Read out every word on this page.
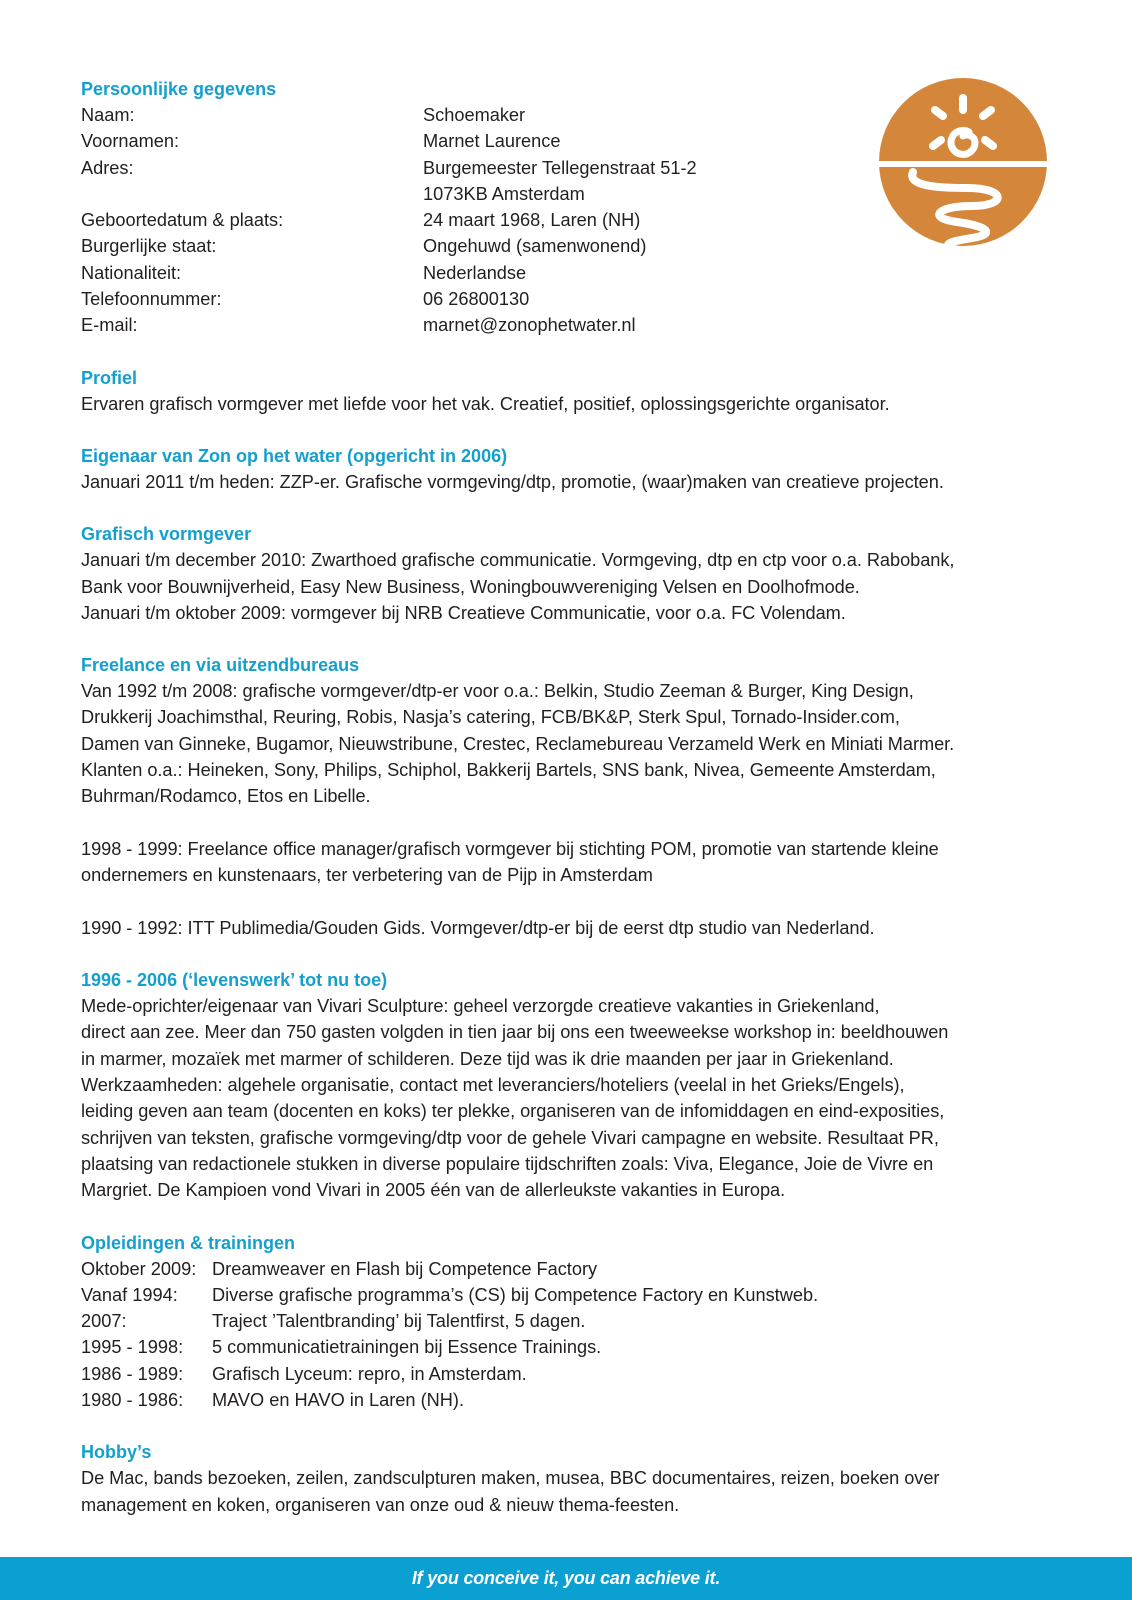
Persoonlijke gegevens
Naam:	Schoemaker
Voornamen:	Marnet Laurence
Adres:	Burgemeester Tellegenstraat 51-2
1073KB Amsterdam
Geboortedatum & plaats:	24 maart 1968, Laren (NH)
Burgerlijke staat:	Ongehuwd (samenwonend)
Nationaliteit:	Nederlandse
Telefoonnummer:	06 26800130
E-mail:	marnet@zonophetwater.nl
Profiel
Ervaren grafisch vormgever met liefde voor het vak. Creatief, positief, oplossingsgerichte organisator.
Eigenaar van Zon op het water (opgericht in 2006)
Januari 2011 t/m heden: ZZP-er. Grafische vormgeving/dtp, promotie, (waar)maken van creatieve projecten.
Grafisch vormgever
Januari t/m december 2010: Zwarthoed grafische communicatie. Vormgeving, dtp en ctp voor o.a. Rabobank,
Bank voor Bouwnijverheid, Easy New Business, Woningbouwvereniging Velsen en Doolhofmode.
Januari t/m oktober 2009: vormgever bij NRB Creatieve Communicatie, voor o.a. FC Volendam.
Freelance en via uitzendbureaus
Van 1992 t/m 2008: grafische vormgever/dtp-er voor o.a.: Belkin, Studio Zeeman & Burger, King Design,
Drukkerij Joachimsthal, Reuring, Robis, Nasja’s catering, FCB/BK&P, Sterk Spul, Tornado-Insider.com,
Damen van Ginneke, Bugamor, Nieuwstribune, Crestec, Reclamebureau Verzameld Werk en Miniati Marmer.
Klanten o.a.: Heineken, Sony, Philips, Schiphol, Bakkerij Bartels, SNS bank, Nivea, Gemeente Amsterdam,
Buhrman/Rodamco, Etos en Libelle.
1998 - 1999: Freelance office manager/grafisch vormgever bij stichting POM, promotie van startende kleine
ondernemers en kunstenaars, ter verbetering van de Pijp in Amsterdam
1990 - 1992: ITT Publimedia/Gouden Gids. Vormgever/dtp-er bij de eerst dtp studio van Nederland.
1996 - 2006 (‘levenswerk’ tot nu toe)
Mede-oprichter/eigenaar van Vivari Sculpture: geheel verzorgde creatieve vakanties in Griekenland,
direct aan zee. Meer dan 750 gasten volgden in tien jaar bij ons een tweeweekse workshop in: beeldhouwen
in marmer, mozaïek met marmer of schilderen. Deze tijd was ik drie maanden per jaar in Griekenland.
Werkzaamheden: algehele organisatie, contact met leveranciers/hoteliers (veelal in het Grieks/Engels),
leiding geven aan team (docenten en koks) ter plekke, organiseren van de infomiddagen en eind-exposities,
schrijven van teksten, grafische vormgeving/dtp voor de gehele Vivari campagne en website. Resultaat PR,
plaatsing van redactionele stukken in diverse populaire tijdschriften zoals: Viva, Elegance, Joie de Vivre en
Margriet. De Kampioen vond Vivari in 2005 één van de allerleukste vakanties in Europa.
Opleidingen & trainingen
Oktober 2009: Dreamweaver en Flash bij Competence Factory
Vanaf 1994:	Diverse grafische programma’s (CS) bij Competence Factory en Kunstweb.
2007:	Traject ’Talentbranding’ bij Talentfirst, 5 dagen.
1995 - 1998:	5 communicatietrainingen bij Essence Trainings.
1986 - 1989:	Grafisch Lyceum: repro, in Amsterdam.
1980 - 1986:	MAVO en HAVO in Laren (NH).
Hobby’s
De Mac, bands bezoeken, zeilen, zandsculpturen maken, musea, BBC documentaires, reizen, boeken over
management en koken, organiseren van onze oud & nieuw thema-feesten.
If you conceive it, you can achieve it.
